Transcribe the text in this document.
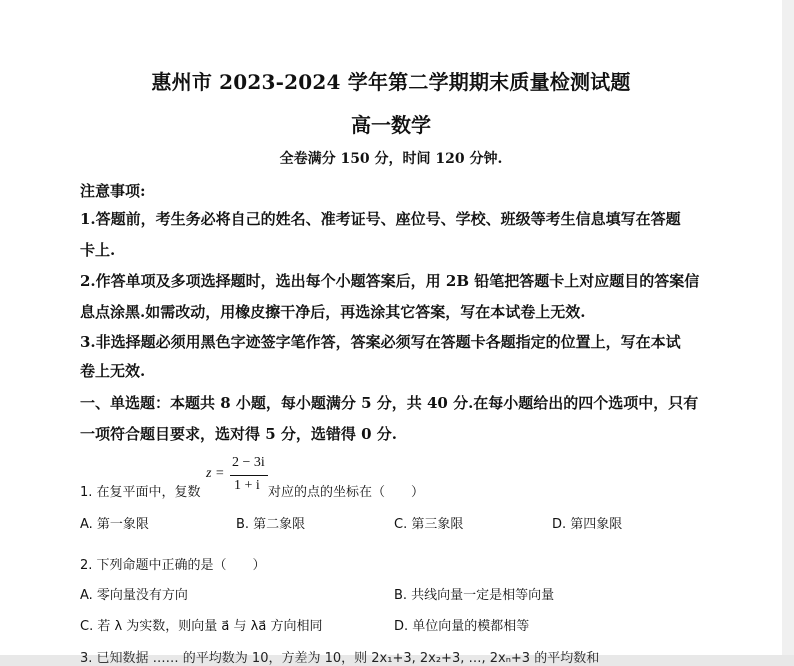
惠州市 2023-2024 学年第二学期期末质量检测试题
高一数学
全卷满分 150 分，时间 120 分钟.
注意事项:
1.答题前，考生务必将自己的姓名、准考证号、座位号、学校、班级等考生信息填写在答题
卡上.
2.作答单项及多项选择题时，选出每个小题答案后，用 2B 铅笔把答题卡上对应题目的答案信
息点涂黑.如需改动，用橡皮擦干净后，再选涂其它答案，写在本试卷上无效.
3.非选择题必须用黑色字迹签字笔作答，答案必须写在答题卡各题指定的位置上，写在本试
卷上无效.
一、单选题：本题共 8 小题，每小题满分 5 分，共 40 分.在每小题给出的四个选项中，只有
一项符合题目要求，选对得 5 分，选错得 0 分.
1. 在复平面中，复数
z =
2 − 3i
1 + i 对应的点的坐标在（　　）
A. 第一象限	B. 第二象限	C. 第三象限	D. 第四象限
2. 下列命题中正确的是（　　）
A. 零向量没有方向	B. 共线向量一定是相等向量
C. 若 λ 为实数，则向量 a⃗ 与 λa⃗ 方向相同	D. 单位向量的模都相等
3. 已知数据 …… 的平均数为 10，方差为 10，则 2x₁+3, 2x₂+3, …, 2xₙ+3 的平均数和
